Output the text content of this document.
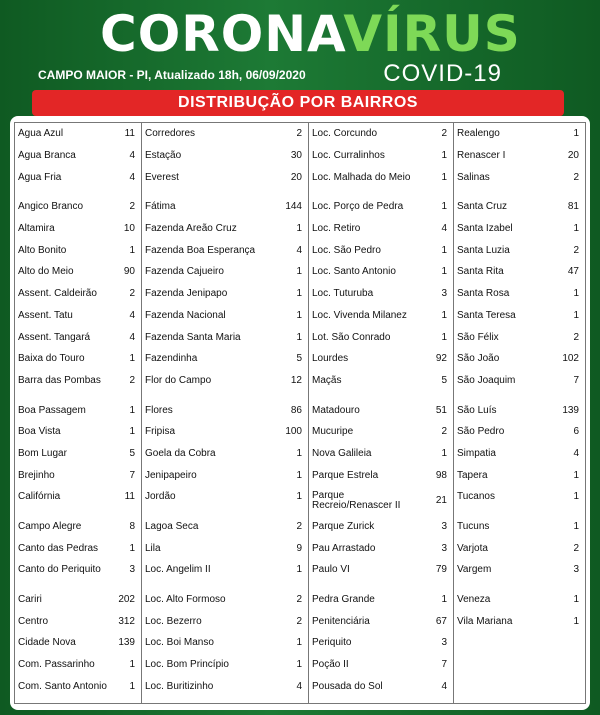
CORONAVÍRUS
CAMPO MAIOR - PI, Atualizado 18h, 06/09/2020	COVID-19
DISTRIBUÇÃO POR BAIRROS
Água Azul	11
Água Branca	4
Água Fria	4
Angico Branco	2
Altamira	10
Alto Bonito	1
Alto do Meio	90
Assent. Caldeirão	2
Assent. Tatu	4
Assent. Tangará	4
Baixa do Touro	1
Barra das Pombas	2
Boa Passagem	1
Boa Vista	1
Bom Lugar	5
Brejinho	7
Califórnia	11
Campo Alegre	8
Canto das Pedras	1
Canto do Periquito	3
Cariri	202
Centro	312
Cidade Nova	139
Com. Passarinho	1
Com. Santo Antonio	1
Corredores	2
Estação	30
Everest	20
Fátima	144
Fazenda Areão Cruz	1
Fazenda Boa Esperança	4
Fazenda Cajueiro	1
Fazenda Jenipapo	1
Fazenda Nacional	1
Fazenda Santa Maria	1
Fazendinha	5
Flor do Campo	12
Flores	86
Fripisa	100
Goela da Cobra	1
Jenipapeiro	1
Jordão	1
Lagoa Seca	2
Lila	9
Loc. Angelim II	1
Loc. Alto Formoso	2
Loc. Bezerro	2
Loc. Boi Manso	1
Loc. Bom Princípio	1
Loc. Buritizinho	4
Loc. Corcundo	2
Loc. Curralinhos	1
Loc. Malhada do Meio	1
Loc. Porço de Pedra	1
Loc. Retiro	4
Loc. São Pedro	1
Loc. Santo Antonio	1
Loc. Tuturuba	3
Loc. Vivenda Milanez	1
Lot. São Conrado	1
Lourdes	92
Maçãs	5
Matadouro	51
Mucuripe	2
Nova Galileia	1
Parque Estrela	98
Parque Recreio/Renascer II	21
Parque Zurick	3
Pau Arrastado	3
Paulo VI	79
Pedra Grande	1
Penitenciária	67
Periquito	3
Poção II	7
Pousada do Sol	4
Realengo	1
Renascer I	20
Salinas	2
Santa Cruz	81
Santa Izabel	1
Santa Luzia	2
Santa Rita	47
Santa Rosa	1
Santa Teresa	1
São Félix	2
São João	102
São Joaquim	7
São Luís	139
São Pedro	6
Simpatia	4
Tapera	1
Tucanos	1
Tucuns	1
Varjota	2
Vargem	3
Veneza	1
Vila Mariana	1
